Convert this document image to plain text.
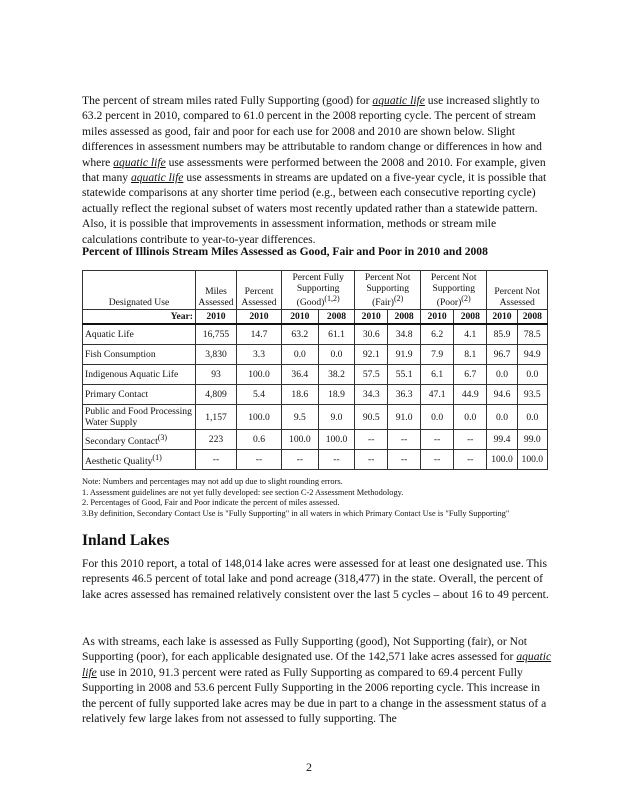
The percent of stream miles rated Fully Supporting (good) for aquatic life use increased slightly to 63.2 percent in 2010, compared to 61.0 percent in the 2008 reporting cycle. The percent of stream miles assessed as good, fair and poor for each use for 2008 and 2010 are shown below. Slight differences in assessment numbers may be attributable to random change or differences in how and where aquatic life use assessments were performed between the 2008 and 2010. For example, given that many aquatic life use assessments in streams are updated on a five-year cycle, it is possible that statewide comparisons at any shorter time period (e.g., between each consecutive reporting cycle) actually reflect the regional subset of waters most recently updated rather than a statewide pattern. Also, it is possible that improvements in assessment information, methods or stream mile calculations contribute to year-to-year differences.

Percent of Illinois Stream Miles Assessed as Good, Fair and Poor in 2010 and 2008
Designated Use	Miles Assessed	Percent Assessed	Percent Fully Supporting (Good)$^{(1,2)}$		Percent Not Supporting (Fair)$^{(2)}$		Percent Not Supporting (Poor)$^{(2)}$		Percent Not Assessed	
Year:	2010	2010	2010	2008	2010	2008	2010	2008	2010	2008
Aquatic Life	16,755	14.7	63.2	61.1	30.6	34.8	6.2	4.1	85.9	78.5
Fish Consumption	3,830	3.3	0.0	0.0	92.1	91.9	7.9	8.1	96.7	94.9
Indigenous Aquatic Life	93	100.0	36.4	38.2	57.5	55.1	6.1	6.7	0.0	0.0
Primary Contact	4,809	5.4	18.6	18.9	34.3	36.3	47.1	44.9	94.6	93.5
Public and Food Processing Water Supply	1,157	100.0	9.5	9.0	90.5	91.0	0.0	0.0	0.0	0.0
Secondary Contact$^{(3)}$	223	0.6	100.0	100.0	--	--	--	--	99.4	99.0
Aesthetic Quality$^{(1)}$	--	--	--	--	--	--	--	--	100.0	100.0
Note: Numbers and percentages may not add up due to slight rounding errors.
1. Assessment guidelines are not yet fully developed: see section C-2 Assessment Methodology.
2. Percentages of Good, Fair and Poor indicate the percent of miles assessed.
3.By definition, Secondary Contact Use is "Fully Supporting" in all waters in which Primary Contact Use is "Fully Supporting"
Inland Lakes

For this 2010 report, a total of 148,014 lake acres were assessed for at least one designated use. This represents 46.5 percent of total lake and pond acreage (318,477) in the state. Overall, the percent of lake acres assessed has remained relatively consistent over the last 5 cycles – about 16 to 49 percent.

As with streams, each lake is assessed as Fully Supporting (good), Not Supporting (fair), or Not Supporting (poor), for each applicable designated use. Of the 142,571 lake acres assessed for aquatic life use in 2010, 91.3 percent were rated as Fully Supporting as compared to 69.4 percent Fully Supporting in 2008 and 53.6 percent Fully Supporting in the 2006 reporting cycle. This increase in the percent of fully supported lake acres may be due in part to a change in the assessment status of a relatively few large lakes from not assessed to fully supporting. The

2
